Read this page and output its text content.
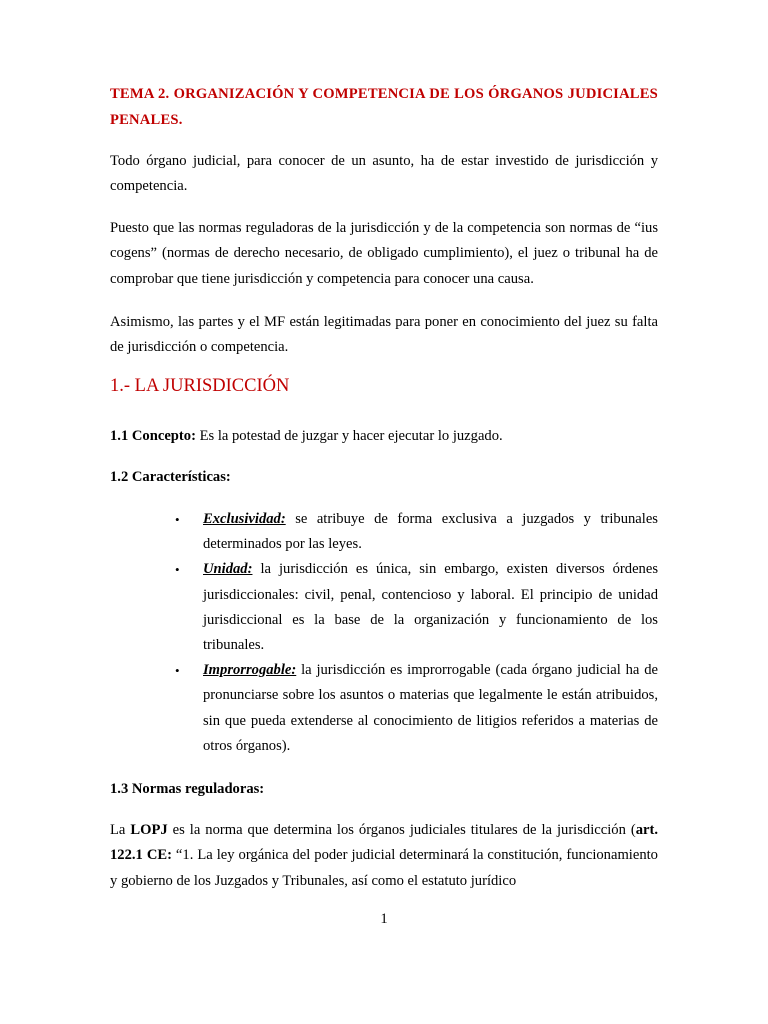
TEMA 2. ORGANIZACIÓN Y COMPETENCIA DE LOS ÓRGANOS JUDICIALES PENALES.

Todo órgano judicial, para conocer de un asunto, ha de estar investido de jurisdicción y competencia.

Puesto que las normas reguladoras de la jurisdicción y de la competencia son normas de “ius cogens” (normas de derecho necesario, de obligado cumplimiento), el juez o tribunal ha de comprobar que tiene jurisdicción y competencia para conocer una causa.

Asimismo, las partes y el MF están legitimadas para poner en conocimiento del juez su falta de jurisdicción o competencia.

1.- LA JURISDICCIÓN

1.1 Concepto: Es la potestad de juzgar y hacer ejecutar lo juzgado.

1.2 Características:

• Exclusividad: se atribuye de forma exclusiva a juzgados y tribunales determinados por las leyes.
• Unidad: la jurisdicción es única, sin embargo, existen diversos órdenes jurisdiccionales: civil, penal, contencioso y laboral. El principio de unidad jurisdiccional es la base de la organización y funcionamiento de los tribunales.
• Improrrogable: la jurisdicción es improrrogable (cada órgano judicial ha de pronunciarse sobre los asuntos o materias que legalmente le están atribuidos, sin que pueda extenderse al conocimiento de litigios referidos a materias de otros órganos).

1.3 Normas reguladoras:

La LOPJ es la norma que determina los órganos judiciales titulares de la jurisdicción (art. 122.1 CE: “1. La ley orgánica del poder judicial determinará la constitución, funcionamiento y gobierno de los Juzgados y Tribunales, así como el estatuto jurídico

1
